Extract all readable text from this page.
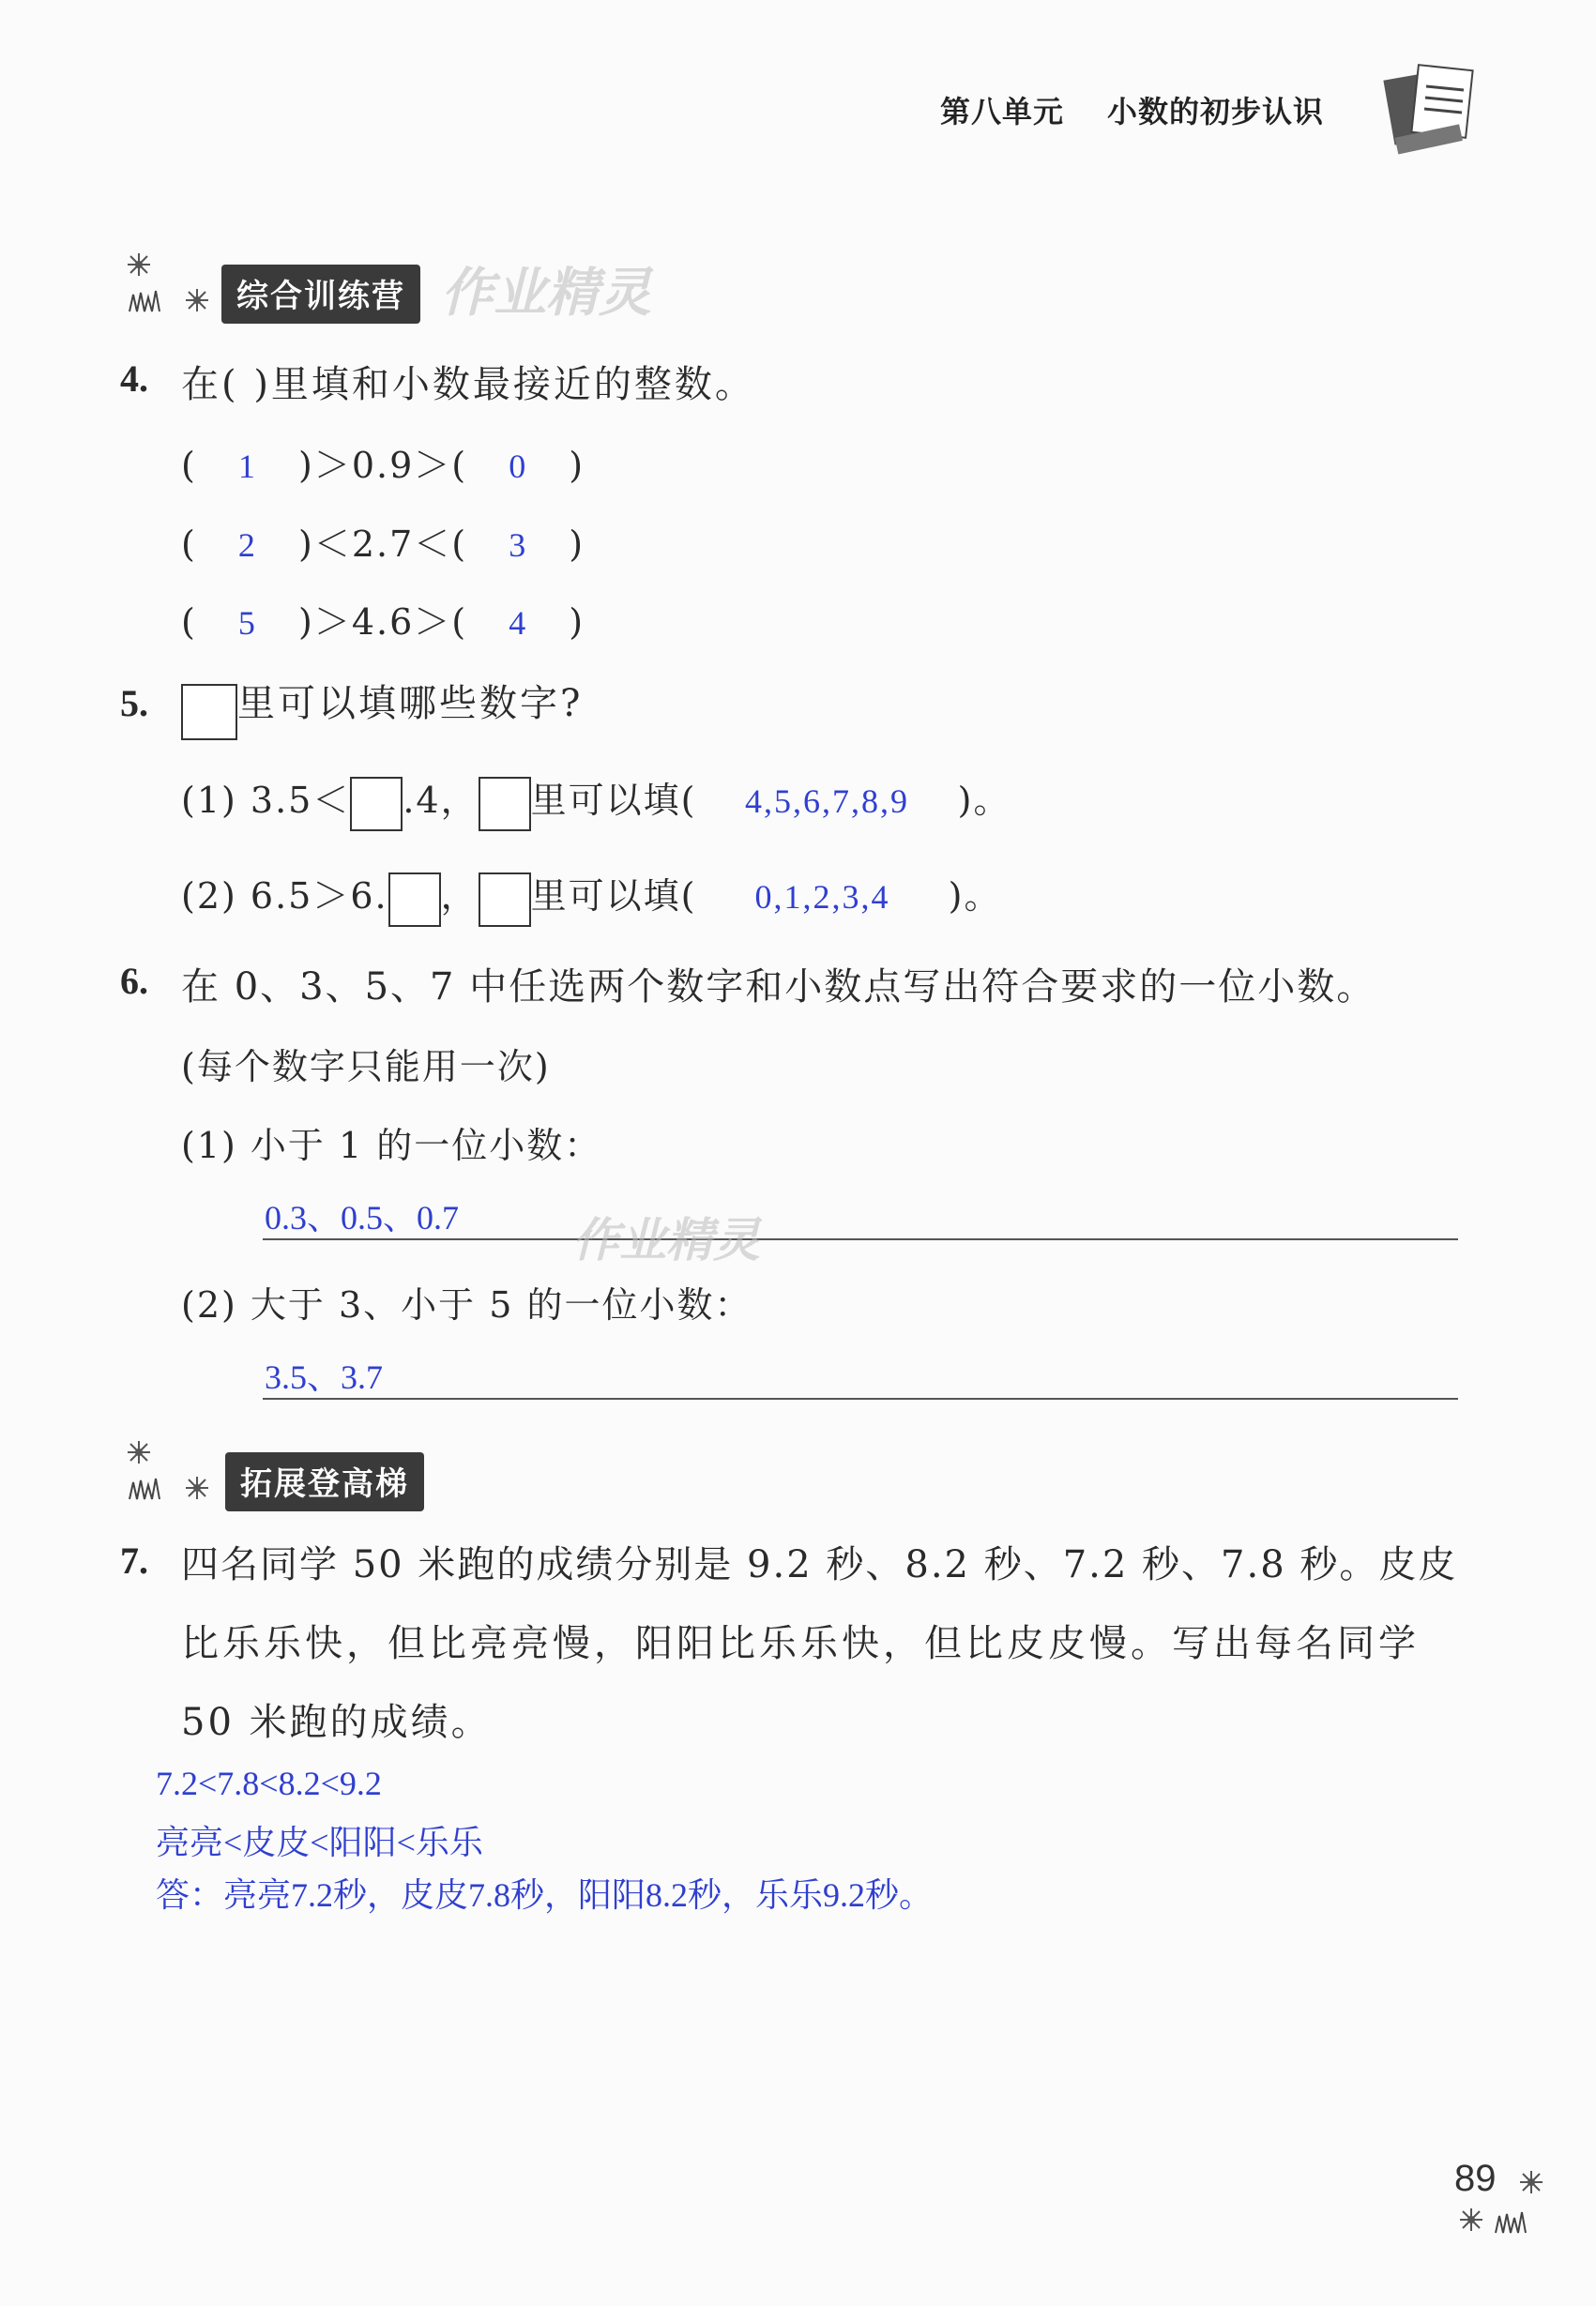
第八单元 小数的初步认识
综合训练营 作业精灵
4. 在( )里填和小数最接近的整数。
( 1 )＞0.9＞( 0 )
( 2 )＜2.7＜( 3 )
( 5 )＞4.6＞( 4 )
5.	里可以填哪些数字?
(1) 3.5＜ .4， 里可以填( 4,5,6,7,8,9 )。
(2) 6.5＞6. ， 里可以填( 0,1,2,3,4 )。
6. 在 0、3、5、7 中任选两个数字和小数点写出符合要求的一位小数。
(每个数字只能用一次)
(1) 小于 1 的一位小数：
0.3、0.5、0.7 作业精灵
(2) 大于 3、小于 5 的一位小数：
3.5、3.7
拓展登高梯
7. 四名同学 50 米跑的成绩分别是 9.2 秒、8.2 秒、7.2 秒、7.8 秒。皮皮
比乐乐快，但比亮亮慢，阳阳比乐乐快，但比皮皮慢。写出每名同学
50 米跑的成绩。
7.2<7.8<8.2<9.2
亮亮<皮皮<阳阳<乐乐
答：亮亮7.2秒，皮皮7.8秒，阳阳8.2秒，乐乐9.2秒。
89
